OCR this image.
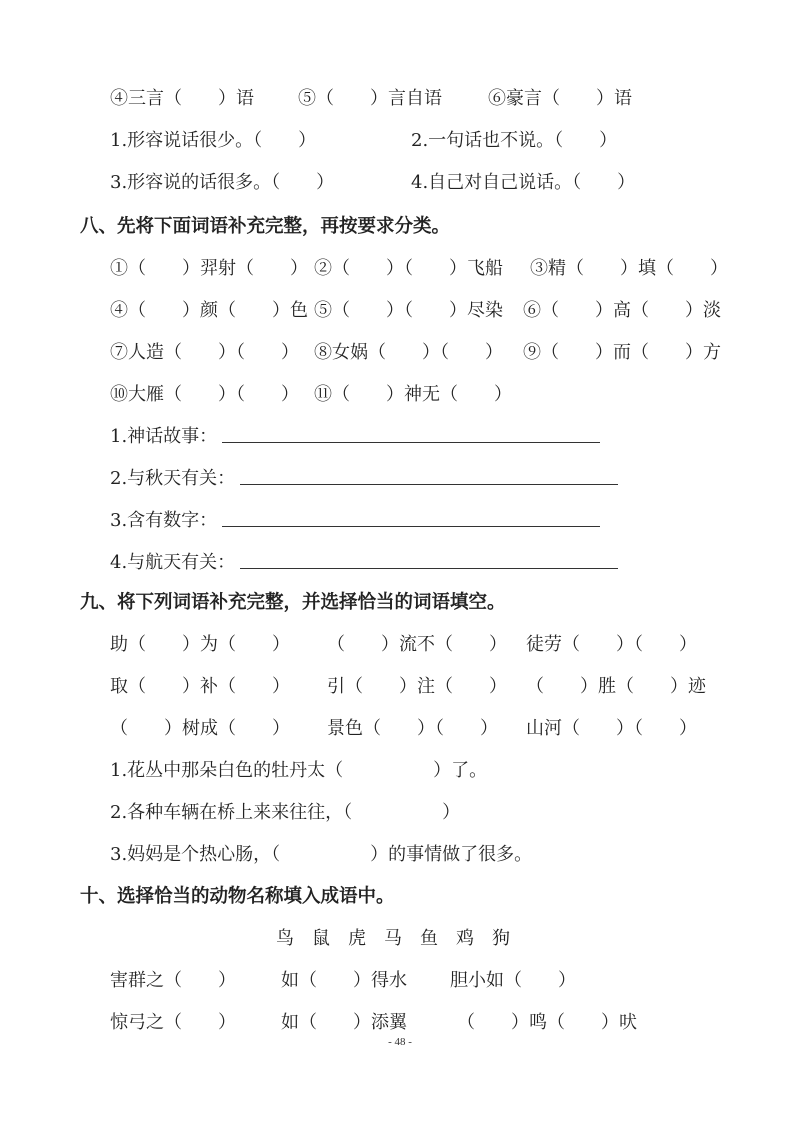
④三言（　　）语 ⑤（　　）言自语	⑥豪言（　　）语
1.形容说话很少。（　　）	2.一句话也不说。（　　）
3.形容说的话很多。（　　）	4.自己对自己说话。（　　）
八、先将下面词语补充完整，再按要求分类。
①（　　）羿射（　　） ②（　　）（　　）飞船 ③精（　　）填（　　）
④（　　）颜（　　）色 ⑤（　　）（　　）尽染 ⑥（　　）高（　　）淡
⑦人造（　　）（　　） ⑧女娲（　　）（　　） ⑨（　　）而（　　）方
⑩大雁（　　）（　　） ⑪（　　）神无（　　）
1.神话故事：
2.与秋天有关：
3.含有数字：
4.与航天有关：
九、将下列词语补充完整，并选择恰当的词语填空。
助（　　）为（　　） （　　）流不（　　） 徒劳（　　）（　　）
取（　　）补（　　） 引（　　）注（　　） （　　）胜（　　）迹
（　　）树成（　　） 景色（　　）（　　） 山河（　　）（　　）
1.花丛中那朵白色的牡丹太（　　　　　）了。
2.各种车辆在桥上来来往往，（　　　　　）
3.妈妈是个热心肠，（　　　　　）的事情做了很多。
十、选择恰当的动物名称填入成语中。
鸟　鼠　虎　马　鱼　鸡　狗
害群之（　　）	如（　　）得水 胆小如（　　）
惊弓之（　　）	如（　　）添翼	（　　）鸣（　　）吠
- 48 -
